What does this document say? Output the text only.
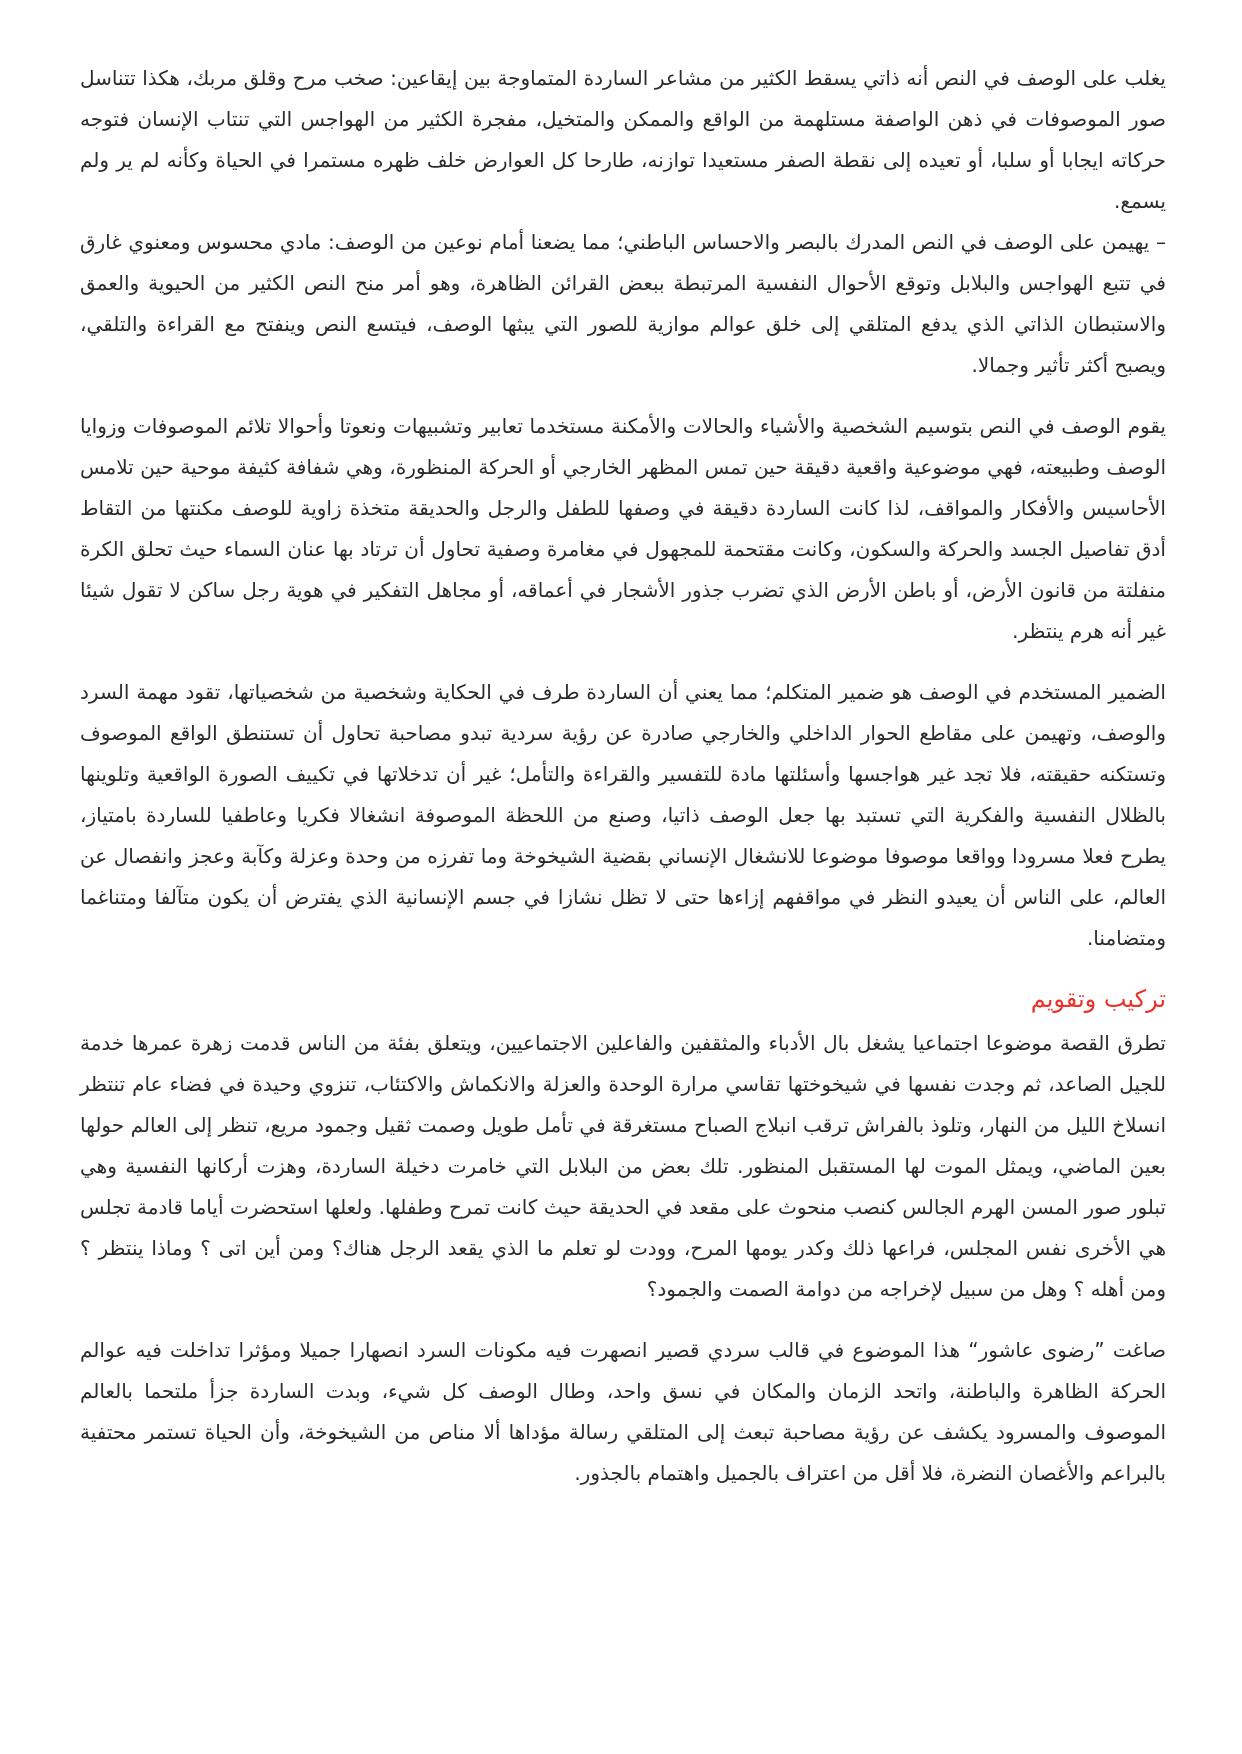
يغلب على الوصف في النص أنه ذاتي يسقط الكثير من مشاعر الساردة المتماوجة بين إيقاعين: صخب مرح وقلق مربك، هكذا تتناسل صور الموصوفات في ذهن الواصفة مستلهمة من الواقع والممكن والمتخيل، مفجرة الكثير من الهواجس التي تنتاب الإنسان فتوجه حركاته ايجابا أو سلبا، أو تعيده إلى نقطة الصفر مستعيدا توازنه، طارحا كل العوارض خلف ظهره مستمرا في الحياة وكأنه لم ير ولم يسمع.

– يهيمن على الوصف في النص المدرك بالبصر والاحساس الباطني؛ مما يضعنا أمام نوعين من الوصف: مادي محسوس ومعنوي غارق في تتبع الهواجس والبلابل وتوقع الأحوال النفسية المرتبطة ببعض القرائن الظاهرة، وهو أمر منح النص الكثير من الحيوية والعمق والاستبطان الذاتي الذي يدفع المتلقي إلى خلق عوالم موازية للصور التي يبثها الوصف، فيتسع النص وينفتح مع القراءة والتلقي، ويصبح أكثر تأثير وجمالا.

يقوم الوصف في النص بتوسيم الشخصية والأشياء والحالات والأمكنة مستخدما تعابير وتشبيهات ونعوتا وأحوالا تلائم الموصوفات وزوايا الوصف وطبيعته، فهي موضوعية واقعية دقيقة حين تمس المظهر الخارجي أو الحركة المنظورة، وهي شفافة كثيفة موحية حين تلامس الأحاسيس والأفكار والمواقف، لذا كانت الساردة دقيقة في وصفها للطفل والرجل والحديقة متخذة زاوية للوصف مكنتها من التقاط أدق تفاصيل الجسد والحركة والسكون، وكانت مقتحمة للمجهول في مغامرة وصفية تحاول أن ترتاد بها عنان السماء حيث تحلق الكرة منفلتة من قانون الأرض، أو باطن الأرض الذي تضرب جذور الأشجار في أعماقه، أو مجاهل التفكير في هوية رجل ساكن لا تقول شيئا غير أنه هرم ينتظر.

الضمير المستخدم في الوصف هو ضمير المتكلم؛ مما يعني أن الساردة طرف في الحكاية وشخصية من شخصياتها، تقود مهمة السرد والوصف، وتهيمن على مقاطع الحوار الداخلي والخارجي صادرة عن رؤية سردية تبدو مصاحبة تحاول أن تستنطق الواقع الموصوف وتستكنه حقيقته، فلا تجد غير هواجسها وأسئلتها مادة للتفسير والقراءة والتأمل؛ غير أن تدخلاتها في تكييف الصورة الواقعية وتلوينها بالظلال النفسية والفكرية التي تستبد بها جعل الوصف ذاتيا، وصنع من اللحظة الموصوفة انشغالا فكريا وعاطفيا للساردة بامتياز، يطرح فعلا مسرودا وواقعا موصوفا موضوعا للانشغال الإنساني بقضية الشيخوخة وما تفرزه من وحدة وعزلة وكآبة وعجز وانفصال عن العالم، على الناس أن يعيدو النظر في مواقفهم إزاءها حتى لا تظل نشازا في جسم الإنسانية الذي يفترض أن يكون متآلفا ومتناغما ومتضامنا.

تركيب وتقويم

تطرق القصة موضوعا اجتماعيا يشغل بال الأدباء والمثقفين والفاعلين الاجتماعيين، ويتعلق بفئة من الناس قدمت زهرة عمرها خدمة للجيل الصاعد، ثم وجدت نفسها في شيخوختها تقاسي مرارة الوحدة والعزلة والانكماش والاكتئاب، تنزوي وحيدة في فضاء عام تنتظر انسلاخ الليل من النهار، وتلوذ بالفراش ترقب انبلاج الصباح مستغرقة في تأمل طويل وصمت ثقيل وجمود مريع، تنظر إلى العالم حولها بعين الماضي، ويمثل الموت لها المستقبل المنظور. تلك بعض من البلابل التي خامرت دخيلة الساردة، وهزت أركانها النفسية وهي تبلور صور المسن الهرم الجالس كنصب منحوث على مقعد في الحديقة حيث كانت تمرح وطفلها. ولعلها استحضرت أياما قادمة تجلس هي الأخرى نفس المجلس، فراعها ذلك وكدر يومها المرح، وودت لو تعلم ما الذي يقعد الرجل هناك؟ ومن أين اتى ؟ وماذا ينتظر ؟ ومن أهله ؟ وهل من سبيل لإخراجه من دوامة الصمت والجمود؟

صاغت ”رضوى عاشور“ هذا الموضوع في قالب سردي قصير انصهرت فيه مكونات السرد انصهارا جميلا ومؤثرا تداخلت فيه عوالم الحركة الظاهرة والباطنة، واتحد الزمان والمكان في نسق واحد، وطال الوصف كل شيء، وبدت الساردة جزأ ملتحما بالعالم الموصوف والمسرود يكشف عن رؤية مصاحبة تبعث إلى المتلقي رسالة مؤداها ألا مناص من الشيخوخة، وأن الحياة تستمر محتفية بالبراعم والأغصان النضرة، فلا أقل من اعتراف بالجميل واهتمام بالجذور.
